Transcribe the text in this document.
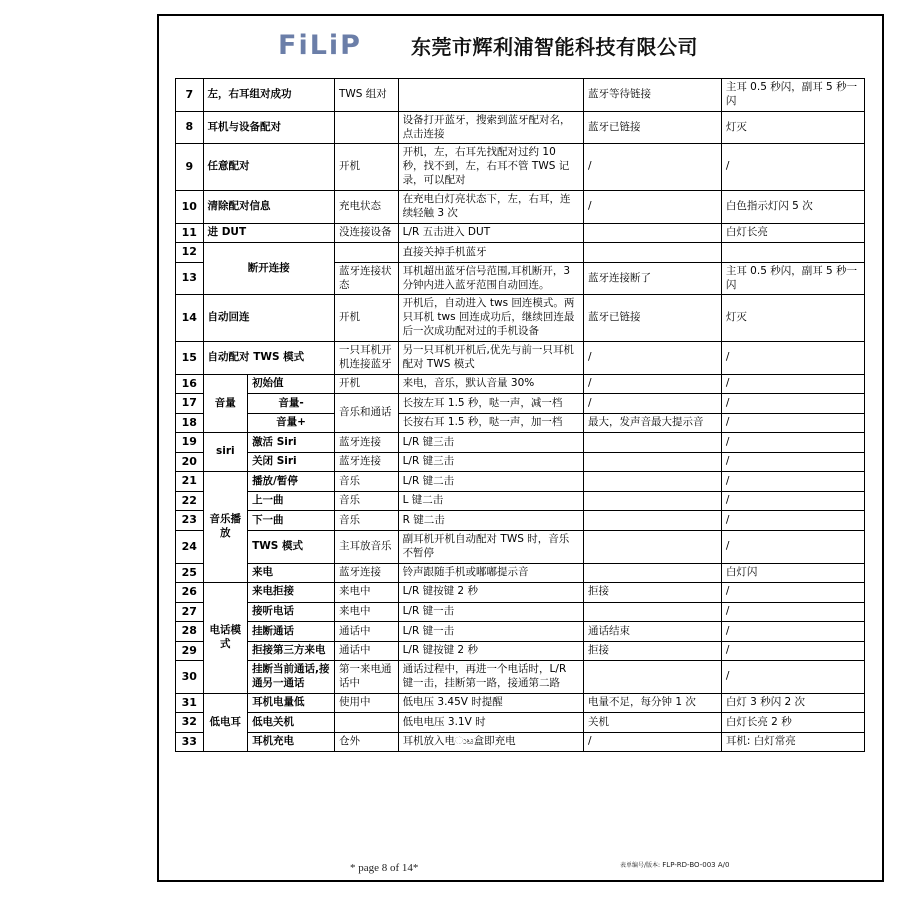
FiLiP	东莞市辉利浦智能科技有限公司
7	左，右耳组对成功		TWS 组对		蓝牙等待链接	主耳 0.5 秒闪，副耳 5 秒一闪
8	耳机与设备配对			设备打开蓝牙，搜索到蓝牙配对名，点击连接	蓝牙已链接	灯灭
9	任意配对		开机	开机，左，右耳先找配对过约 10 秒，找不到，左，右耳不管 TWS 记录，可以配对	/	/
10	清除配对信息		充电状态	在充电白灯亮状态下，左，右耳，连续轻触 3 次	/	白色指示灯闪 5 次
11	进 DUT		没连接设备	L/R 五击进入 DUT		白灯长亮
12	断开连接			直接关掉手机蓝牙		
13			蓝牙连接状态	耳机超出蓝牙信号范围,耳机断开，3 分钟内进入蓝牙范围自动回连。	蓝牙连接断了	主耳 0.5 秒闪，副耳 5 秒一闪
14	自动回连		开机	开机后，自动进入 tws 回连模式。两只耳机 tws 回连成功后，继续回连最后一次成功配对过的手机设备	蓝牙已链接	灯灭
15	自动配对 TWS 模式		一只耳机开机连接蓝牙	另一只耳机开机后,优先与前一只耳机配对 TWS 模式	/	/
16	音量	初始值	开机	来电，音乐，默认音量 30%	/	/
17		音量-	音乐和通话	长按左耳 1.5 秒，哒一声，减一档	/	/
18		音量+		长按右耳 1.5 秒，哒一声，加一档	最大，发声音最大提示音	/
19	siri	激活 Siri	蓝牙连接	L/R 键三击		/
20		关闭 Siri	蓝牙连接	L/R 键三击		/
21	音乐播放	播放/暂停	音乐	L/R 键二击		/
22		上一曲	音乐	L 键二击		/
23		下一曲	音乐	R 键二击		/
24		TWS 模式	主耳放音乐	副耳机开机自动配对 TWS 时，音乐不暂停		/
25		来电	蓝牙连接	铃声跟随手机或嘟嘟提示音		白灯闪
26	电话模式	来电拒接	来电中	L/R 键按键 2 秒	拒接	/
27		接听电话	来电中	L/R 键一击		/
28		挂断通话	通话中	L/R 键一击	通话结束	/
29		拒接第三方来电	通话中	L/R 键按键 2 秒	拒接	/
30		挂断当前通话,接通另一通话	第一来电通话中	通话过程中，再进一个电话时，L/R 键一击，挂断第一路，接通第二路		/
31	低电耳	耳机电量低	使用中	低电压 3.45V 时提醒	电量不足，每分钟 1 次	白灯 3 秒闪 2 次
32		低电关机		低电电压 3.1V 时	关机	白灯长亮 2 秒
33		耳机充电	仓外	耳机放入电ುಟ盒即充电	/	耳机: 白灯常亮
* page 8 of 14*	表单编号/版本: FLP-RD-BO-003 A/0
